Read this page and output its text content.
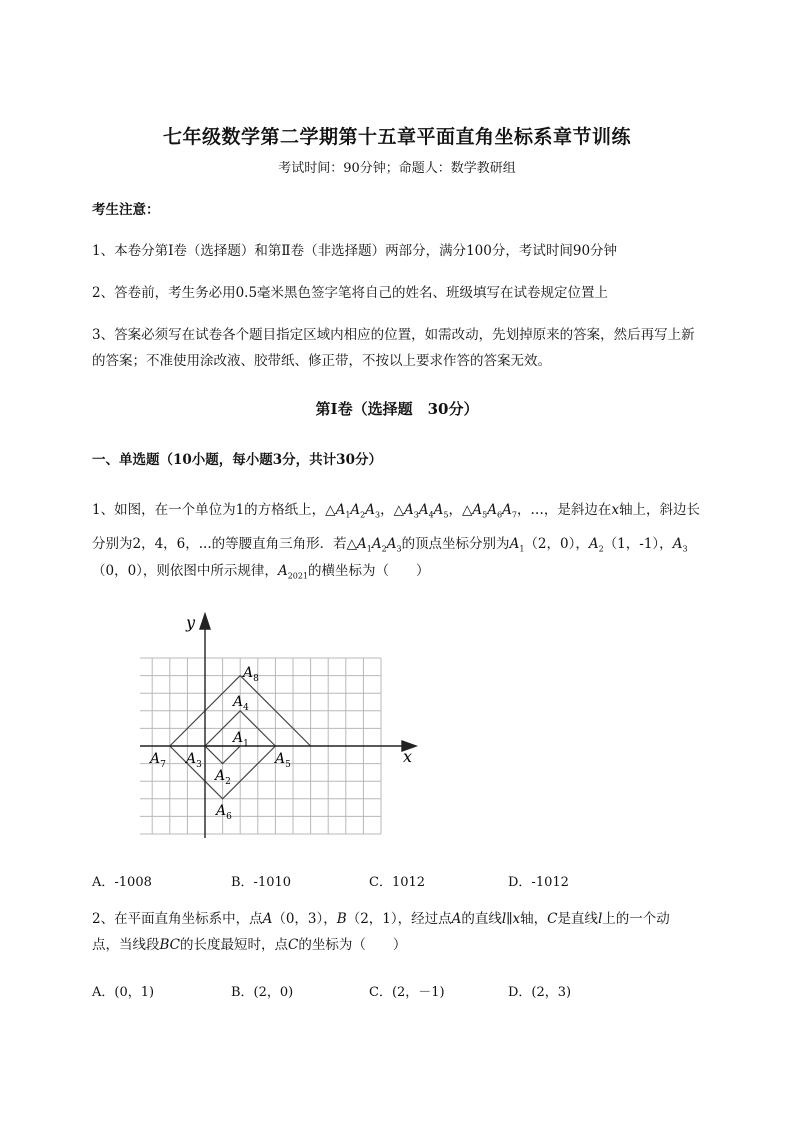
七年级数学第二学期第十五章平面直角坐标系章节训练
考试时间：90分钟；命题人：数学教研组
考生注意：
1、本卷分第I卷（选择题）和第Ⅱ卷（非选择题）两部分，满分100分，考试时间90分钟
2、答卷前，考生务必用0.5毫米黑色签字笔将自己的姓名、班级填写在试卷规定位置上
3、答案必须写在试卷各个题目指定区域内相应的位置，如需改动，先划掉原来的答案，然后再写上新
的答案；不准使用涂改液、胶带纸、修正带，不按以上要求作答的答案无效。
第I卷（选择题　30分）
一、单选题（10小题，每小题3分，共计30分）
1、如图，在一个单位为1的方格纸上，$\triangle A_1A_2A_3$，$\triangle A_3A_4A_5$，$\triangle A_5A_6A_7$，…，是斜边在x轴上，斜边长
分别为2，4，6，...的等腰直角三角形．若$\triangle A_1A_2A_3$的顶点坐标分别为$A_1(2$，0），$A_2(1$，-1），$A_3$
（0，0），则依图中所示规律，$A_{2021}$的横坐标为（　　）
x
y
$A_1$
$A_2$
$A_3$
$A_4$
$A_5$
$A_6$
$A_7$
$A_8$
A．-1008	B．-1010	C．1012	D．-1012
2、在平面直角坐标系中，点A（0，3），B（2，1），经过点A的直线l∥x轴，C是直线l上的一个动
点，当线段BC的长度最短时，点C的坐标为（　　）
A．(0，1)	B．(2，0)	C．(2，－1)	D．(2，3)
